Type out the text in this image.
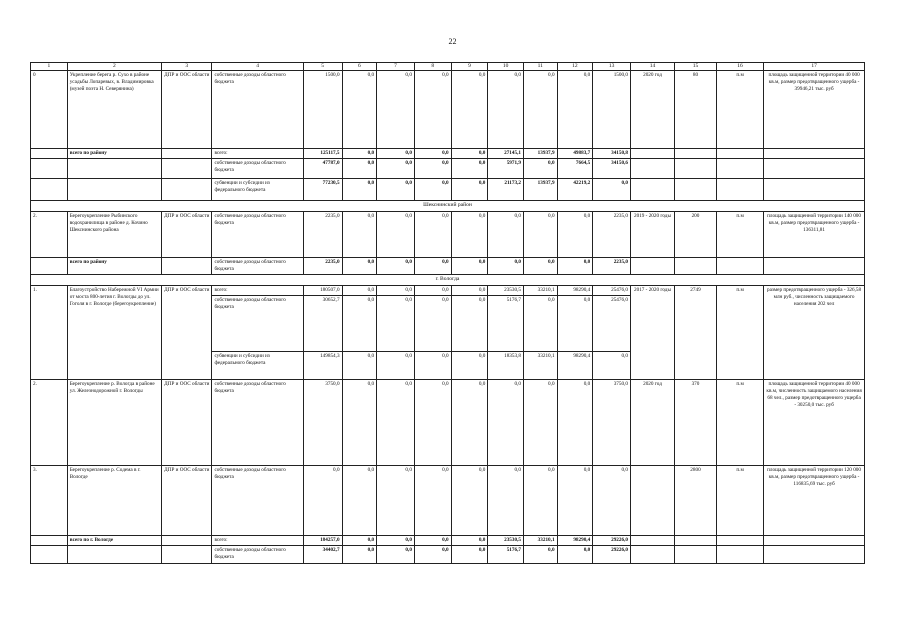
22
1	2	3	4	5	6	7	8	9	10	11	12	13	14	15	16	17
0	Укрепление берега р. Сухо в районе усадьбы Лопаревых, в. Владимировка (музей поэта Н. Северянина)	ДПР и ООС области	собственные доходы областного бюджета	1500,0	0,0	0,0	0,0	0,0	0,0	0,0	0,0	1500,0	2020 год	80	п.м	площадь защищенной территории 40 000 кв.м, размер предотвращенного ущерба - 39946,21 тыс. руб
	всего по району		всего:	125117,5	0,0	0,0	0,0	0,0	27145,1	13937,9	49883,7	34150,8				
			собственные доходы областного бюджета	47787,0	0,0	0,0	0,0	0,0	5971,9	0,0	7664,5	34150,6				
			субвенции и субсидии из федерального бюджета	77230,5	0,0	0,0	0,0	0,0	21173,2	13937,9	42219,2	0,0				
Шекснинский район																
2.	Берегоукрепление Рыбинского водохранилища в районе д. Кочино Шекснинского района	ДПР и ООС области	собственные доходы областного бюджета	2235,0	0,0	0,0	0,0	0,0	0,0	0,0	0,0	2235,0	2019 - 2020 годы	200	п.м	площадь защищенной территории 140 000 кв.м, размер предотвращенного ущерба - 136311,81
	всего по району		собственные доходы областного бюджета	2235,0	0,0	0,0	0,0	0,0	0,0	0,0	0,0	2235,0				
г. Вологда																
1.	Благоустройство Набережной VI Армии от моста 800-летия г. Вологды до ул. Гоголя в г. Вологде (берегоукрепление)	ДПР и ООС области	всего:	180507,0	0,0	0,0	0,0	0,0	23530,5	33210,1	98290,4	25476,0	2017 - 2020 годы	2749	п.м	размер предотвращенного ущерба - 326,58 млн руб., численность защищаемого населения 202 чел
			собственные доходы областного бюджета	30652,7	0,0	0,0	0,0	0,0	5176,7	0,0	0,0	25476,0				
			субвенции и субсидии из федерального бюджета	149854,3	0,0	0,0	0,0	0,0	18353,8	33210,1	98290,4	0,0				
2.	Берегоукрепление р. Вологда в районе ул. Железнодорожной г. Вологды	ДПР и ООС области	собственные доходы областного бюджета	3750,0	0,0	0,0	0,0	0,0	0,0	0,0	0,0	3750,0	2020 год	370	п.м	площадь защищенной территории 40 000 кв.м, численность защищаемого населения 68 чел., размер предотвращенного ущерба - 30250,0 тыс. руб
3.	Берегоукрепление р. Содема в г. Вологде	ДПР и ООС области	собственные доходы областного бюджета	0,0	0,0	0,0	0,0	0,0	0,0	0,0	0,0	0,0		2800	п.м	площадь защищенной территории 120 000 кв.м, размер предотвращенного ущерба - 116835,69 тыс. руб
	всего по г. Вологде		всего:	184257,0	0,0	0,0	0,0	0,0	23530,5	33210,1	98290,4	29226,0				
			собственные доходы областного бюджета	34402,7	0,0	0,0	0,0	0,0	5176,7	0,0	0,0	29226,0				
